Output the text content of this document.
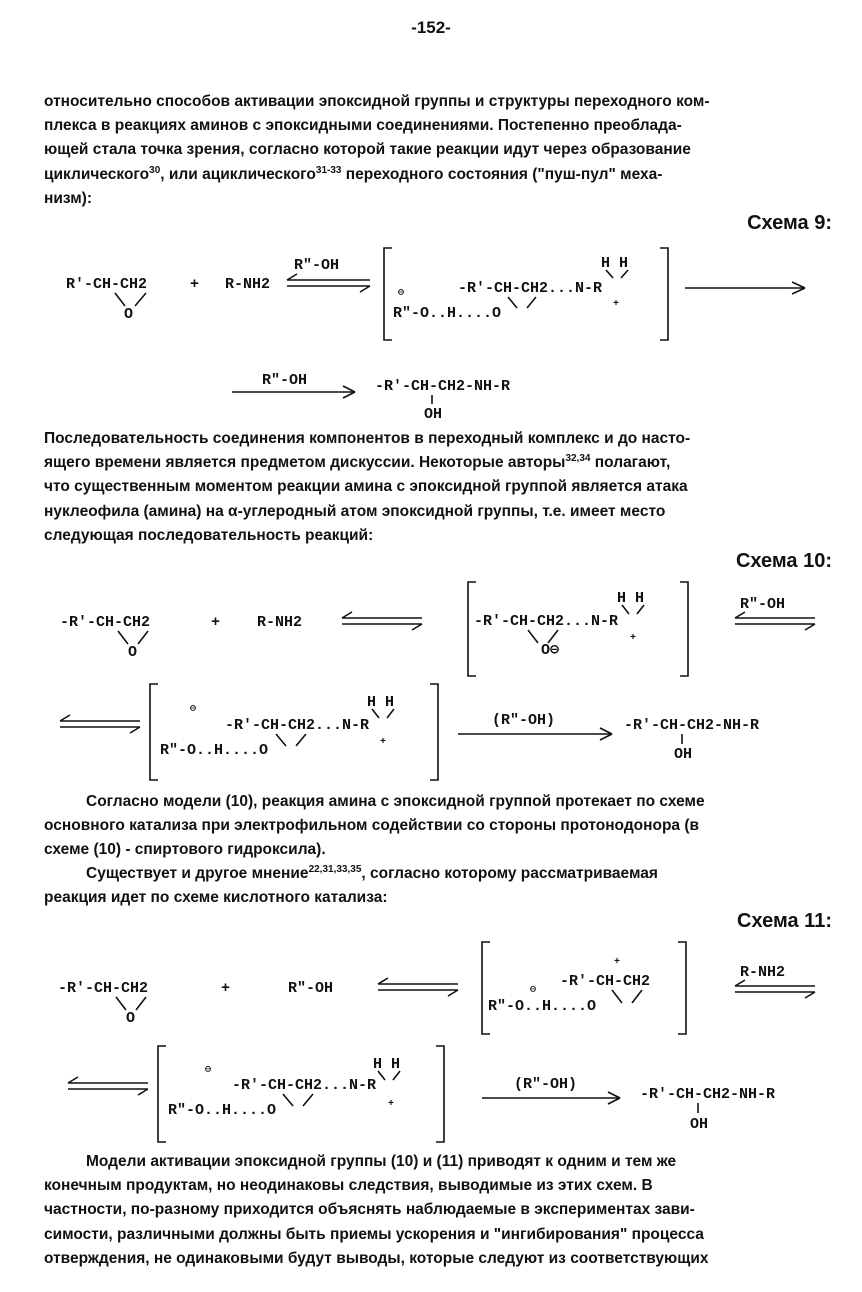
-152-
относительно способов активации эпоксидной группы и структуры переходного ком-
плекса в реакциях аминов с эпоксидными соединениями. Постепенно преоблада-
ющей стала точка зрения, согласно которой такие реакции идут через образование
циклического$^{30}$, или ациклического$^{31-33}$ переходного состояния ("пуш-пул" меха-
низм):
Схема 9:
R'-CH-CH2
O
+ R-NH2
R"-OH	H H
⊖	-R'-CH-CH2...N-R
+
R"-O..H....O
R"-OH	-R'-CH-CH2-NH-R
OH
Последовательность соединения компонентов в переходный комплекс и до насто-
ящего времени является предметом дискуссии. Некоторые авторы$^{32,34}$ полагают,
что существенным моментом реакции амина с эпоксидной группой является атака
нуклеофила (амина) на α-углеродный атом эпоксидной группы, т.е. имеет место
следующая последовательность реакций:
Схема 10:
-R'-CH-CH2
O
+ R-NH2
H H
-R'-CH-CH2...N-R
O⊖
+
R"-OH
H H
⊖
-R'-CH-CH2...N-R
+
R"-O..H....O
(R"-OH)	-R'-CH-CH2-NH-R
OH
Согласно модели (10), реакция амина с эпоксидной группой протекает по схеме
основного катализа при электрофильном содействии со стороны протонодонора (в
схеме (10) - спиртового гидроксила).
Существует и другое мнение$^{22,31,33,35}$, согласно которому рассматриваемая
реакция идет по схеме кислотного катализа:
Схема 11:
-R'-CH-CH2
O
+	R"-OH
+
-R'-CH-CH2
⊖
R"-O..H....O
R-NH2
H H
⊖
-R'-CH-CH2...N-R
+
R"-O..H....O
(R"-OH)
-R'-CH-CH2-NH-R
OH
Модели активации эпоксидной группы (10) и (11) приводят к одним и тем же
конечным продуктам, но неодинаковы следствия, выводимые из этих схем. В
частности, по-разному приходится объяснять наблюдаемые в экспериментах зави-
симости, различными должны быть приемы ускорения и "ингибирования" процесса
отверждения, не одинаковыми будут выводы, которые следуют из соответствующих
